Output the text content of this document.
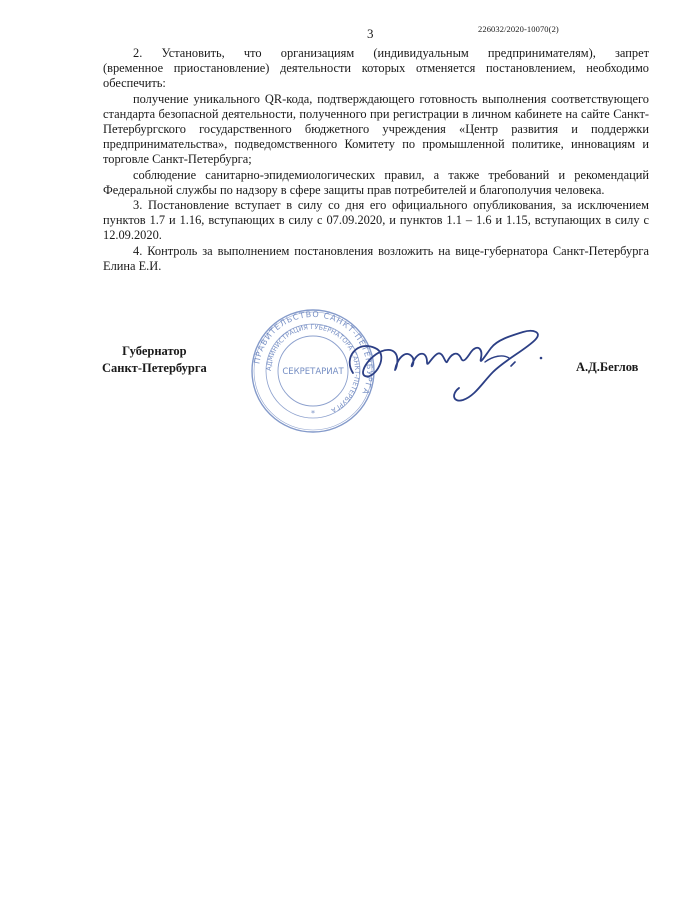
3	226032/2020-10070(2)

2. Установить, что организациям (индивидуальным предпринимателям), запрет

(временное приостановление) деятельности которых отменяется постановлением, необходимо обеспечить:

получение уникального QR-кода, подтверждающего готовность выполнения соответствующего стандарта безопасной деятельности, полученного при регистрации в личном кабинете на сайте Санкт-Петербургского государственного бюджетного учреждения «Центр развития и поддержки предпринимательства», подведомственного Комитету по промышленной политике, инновациям и торговле Санкт-Петербурга;

соблюдение санитарно-эпидемиологических правил, а также требований и рекомендаций Федеральной службы по надзору в сфере защиты прав потребителей и благополучия человека.

3. Постановление вступает в силу со дня его официального опубликования, за исключением пунктов 1.7 и 1.16, вступающих в силу с 07.09.2020, и пунктов 1.1 – 1.6 и 1.15, вступающих в силу с 12.09.2020.

4. Контроль за выполнением постановления возложить на вице-губернатора Санкт-Петербурга Елина Е.И.

Губернатор
Санкт-Петербурга
ПРАВИТЕЛЬСТВО САНКТ-ПЕТЕРБУРГА
АДМИНИСТРАЦИЯ ГУБЕРНАТОРА САНКТ-ПЕТЕРБУРГА
СЕКРЕТАРИАТ
*
А.Д.Беглов
